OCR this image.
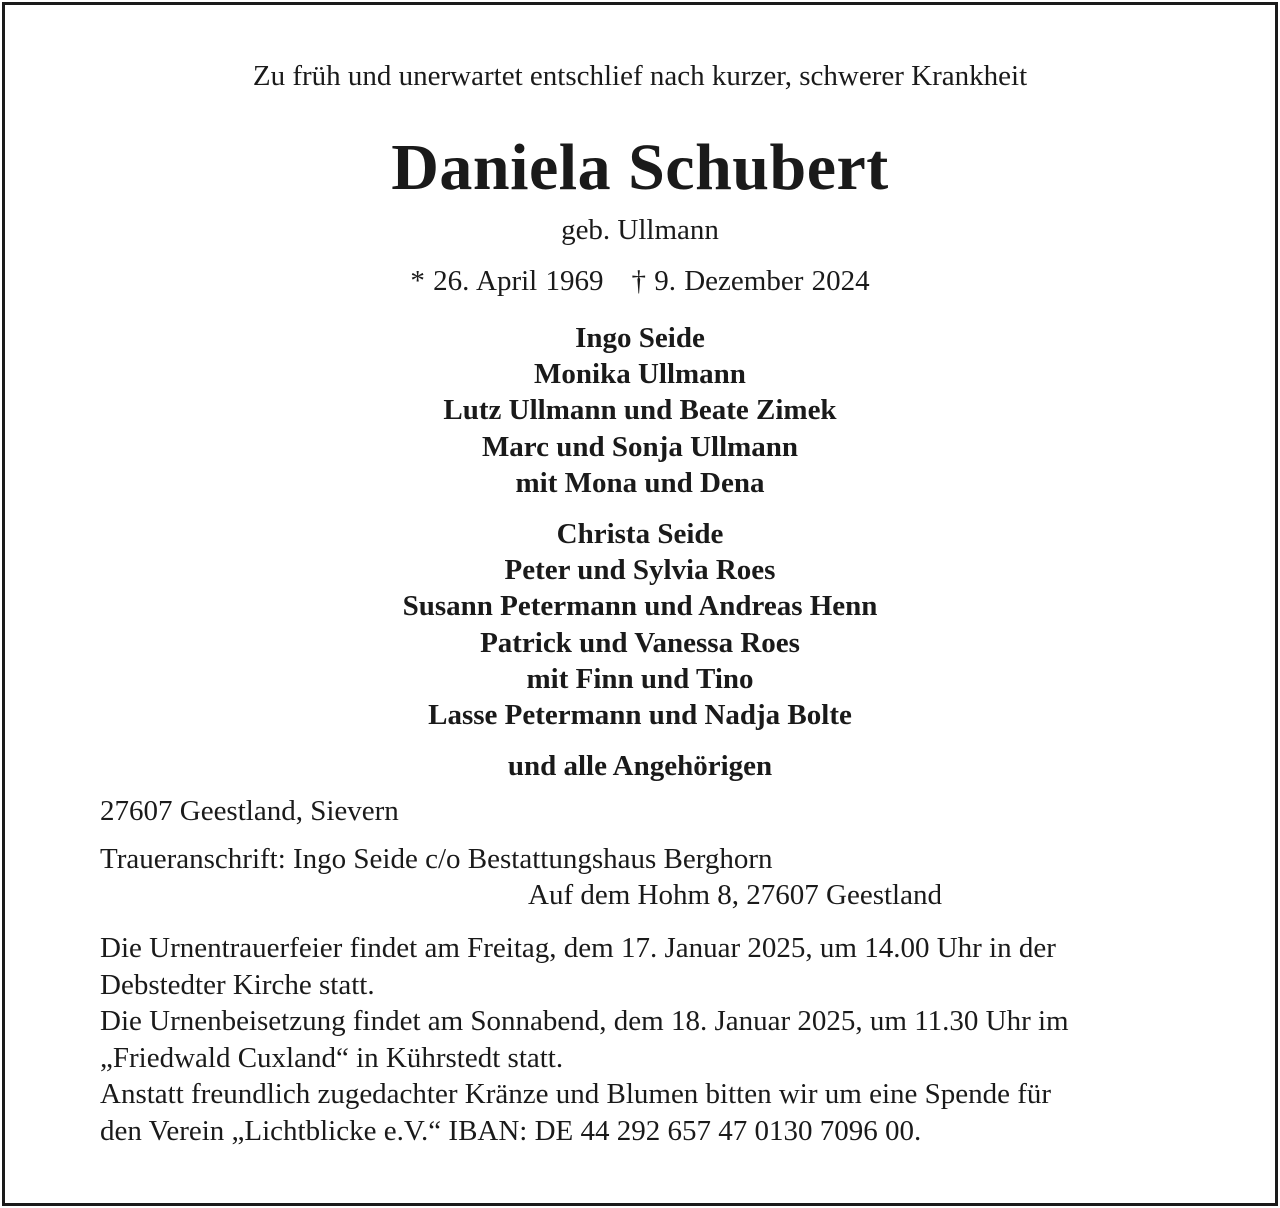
Zu früh und unerwartet entschlief nach kurzer, schwerer Krankheit
Daniela Schubert
geb. Ullmann
* 26. April 1969 † 9. Dezember 2024
Ingo Seide
Monika Ullmann
Lutz Ullmann und Beate Zimek
Marc und Sonja Ullmann
mit Mona und Dena
Christa Seide
Peter und Sylvia Roes
Susann Petermann und Andreas Henn
Patrick und Vanessa Roes
mit Finn und Tino
Lasse Petermann und Nadja Bolte
und alle Angehörigen
27607 Geestland, Sievern
Traueranschrift: Ingo Seide c/o Bestattungshaus Berghorn
Auf dem Hohm 8, 27607 Geestland
Die Urnentrauerfeier findet am Freitag, dem 17. Januar 2025, um 14.00 Uhr in der
Debstedter Kirche statt.
Die Urnenbeisetzung findet am Sonnabend, dem 18. Januar 2025, um 11.30 Uhr im
„Friedwald Cuxland“ in Kührstedt statt.
Anstatt freundlich zugedachter Kränze und Blumen bitten wir um eine Spende für
den Verein „Lichtblicke e.V.“ IBAN: DE 44 292 657 47 0130 7096 00.
